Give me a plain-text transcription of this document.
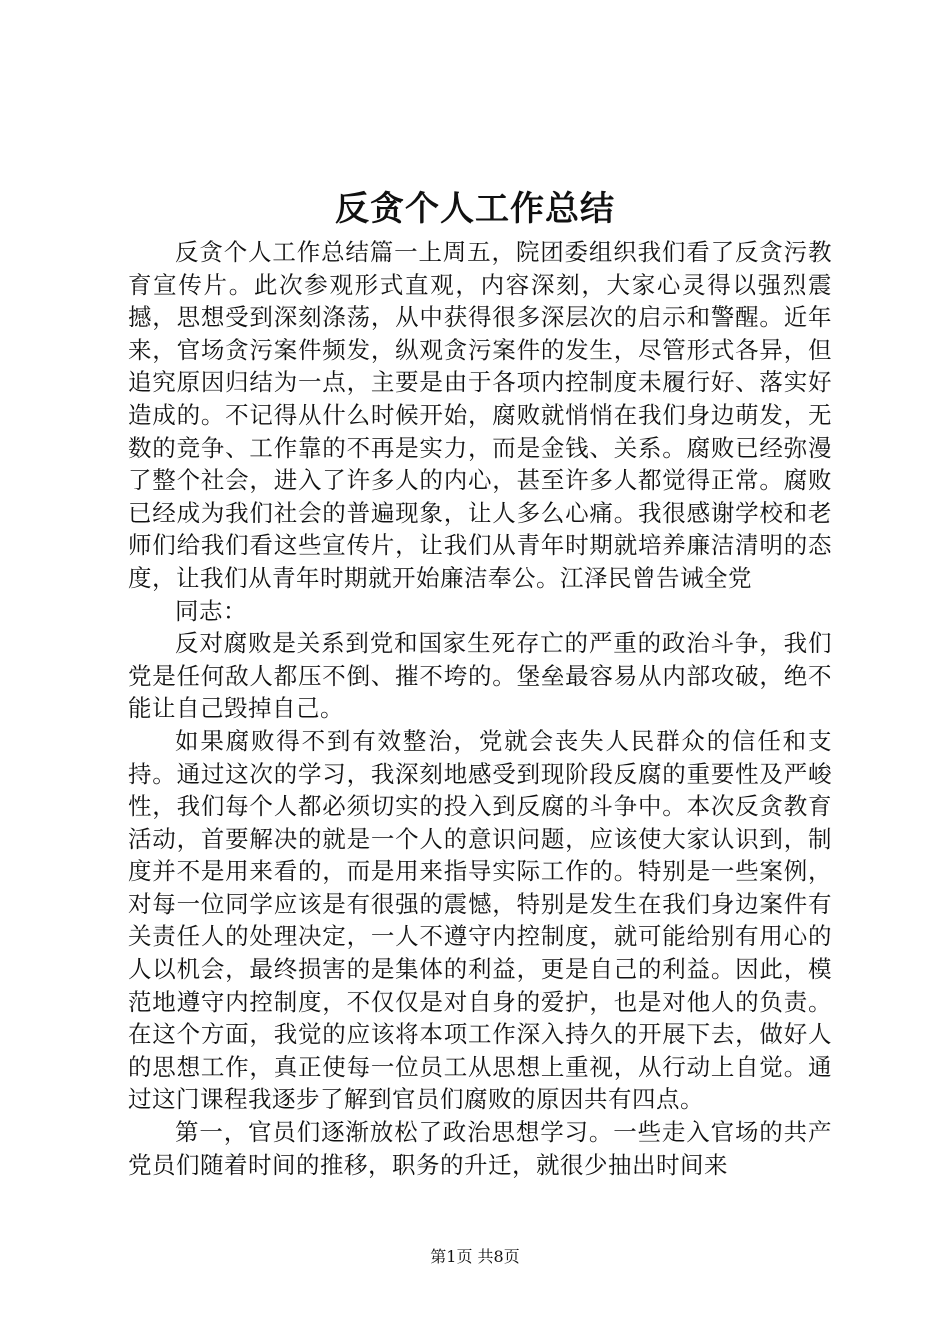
反贪个人工作总结

反贪个人工作总结篇一上周五，院团委组织我们看了反贪污教育宣传片。此次参观形式直观，内容深刻，大家心灵得以强烈震撼，思想受到深刻涤荡，从中获得很多深层次的启示和警醒。近年来，官场贪污案件频发，纵观贪污案件的发生，尽管形式各异，但追究原因归结为一点，主要是由于各项内控制度未履行好、落实好造成的。不记得从什么时候开始，腐败就悄悄在我们身边萌发，无数的竞争、工作靠的不再是实力，而是金钱、关系。腐败已经弥漫了整个社会，进入了许多人的内心，甚至许多人都觉得正常。腐败已经成为我们社会的普遍现象，让人多么心痛。我很感谢学校和老师们给我们看这些宣传片，让我们从青年时期就培养廉洁清明的态度，让我们从青年时期就开始廉洁奉公。江泽民曾告诫全党

同志：

反对腐败是关系到党和国家生死存亡的严重的政治斗争，我们党是任何敌人都压不倒、摧不垮的。堡垒最容易从内部攻破，绝不能让自己毁掉自己。

如果腐败得不到有效整治，党就会丧失人民群众的信任和支持。通过这次的学习，我深刻地感受到现阶段反腐的重要性及严峻性，我们每个人都必须切实的投入到反腐的斗争中。本次反贪教育活动，首要解决的就是一个人的意识问题，应该使大家认识到，制度并不是用来看的，而是用来指导实际工作的。特别是一些案例，对每一位同学应该是有很强的震憾，特别是发生在我们身边案件有关责任人的处理决定，一人不遵守内控制度，就可能给别有用心的人以机会，最终损害的是集体的利益，更是自己的利益。因此，模范地遵守内控制度，不仅仅是对自身的爱护，也是对他人的负责。在这个方面，我觉的应该将本项工作深入持久的开展下去，做好人的思想工作，真正使每一位员工从思想上重视，从行动上自觉。通过这门课程我逐步了解到官员们腐败的原因共有四点。

第一，官员们逐渐放松了政治思想学习。一些走入官场的共产党员们随着时间的推移，职务的升迁，就很少抽出时间来

第1页 共8页
